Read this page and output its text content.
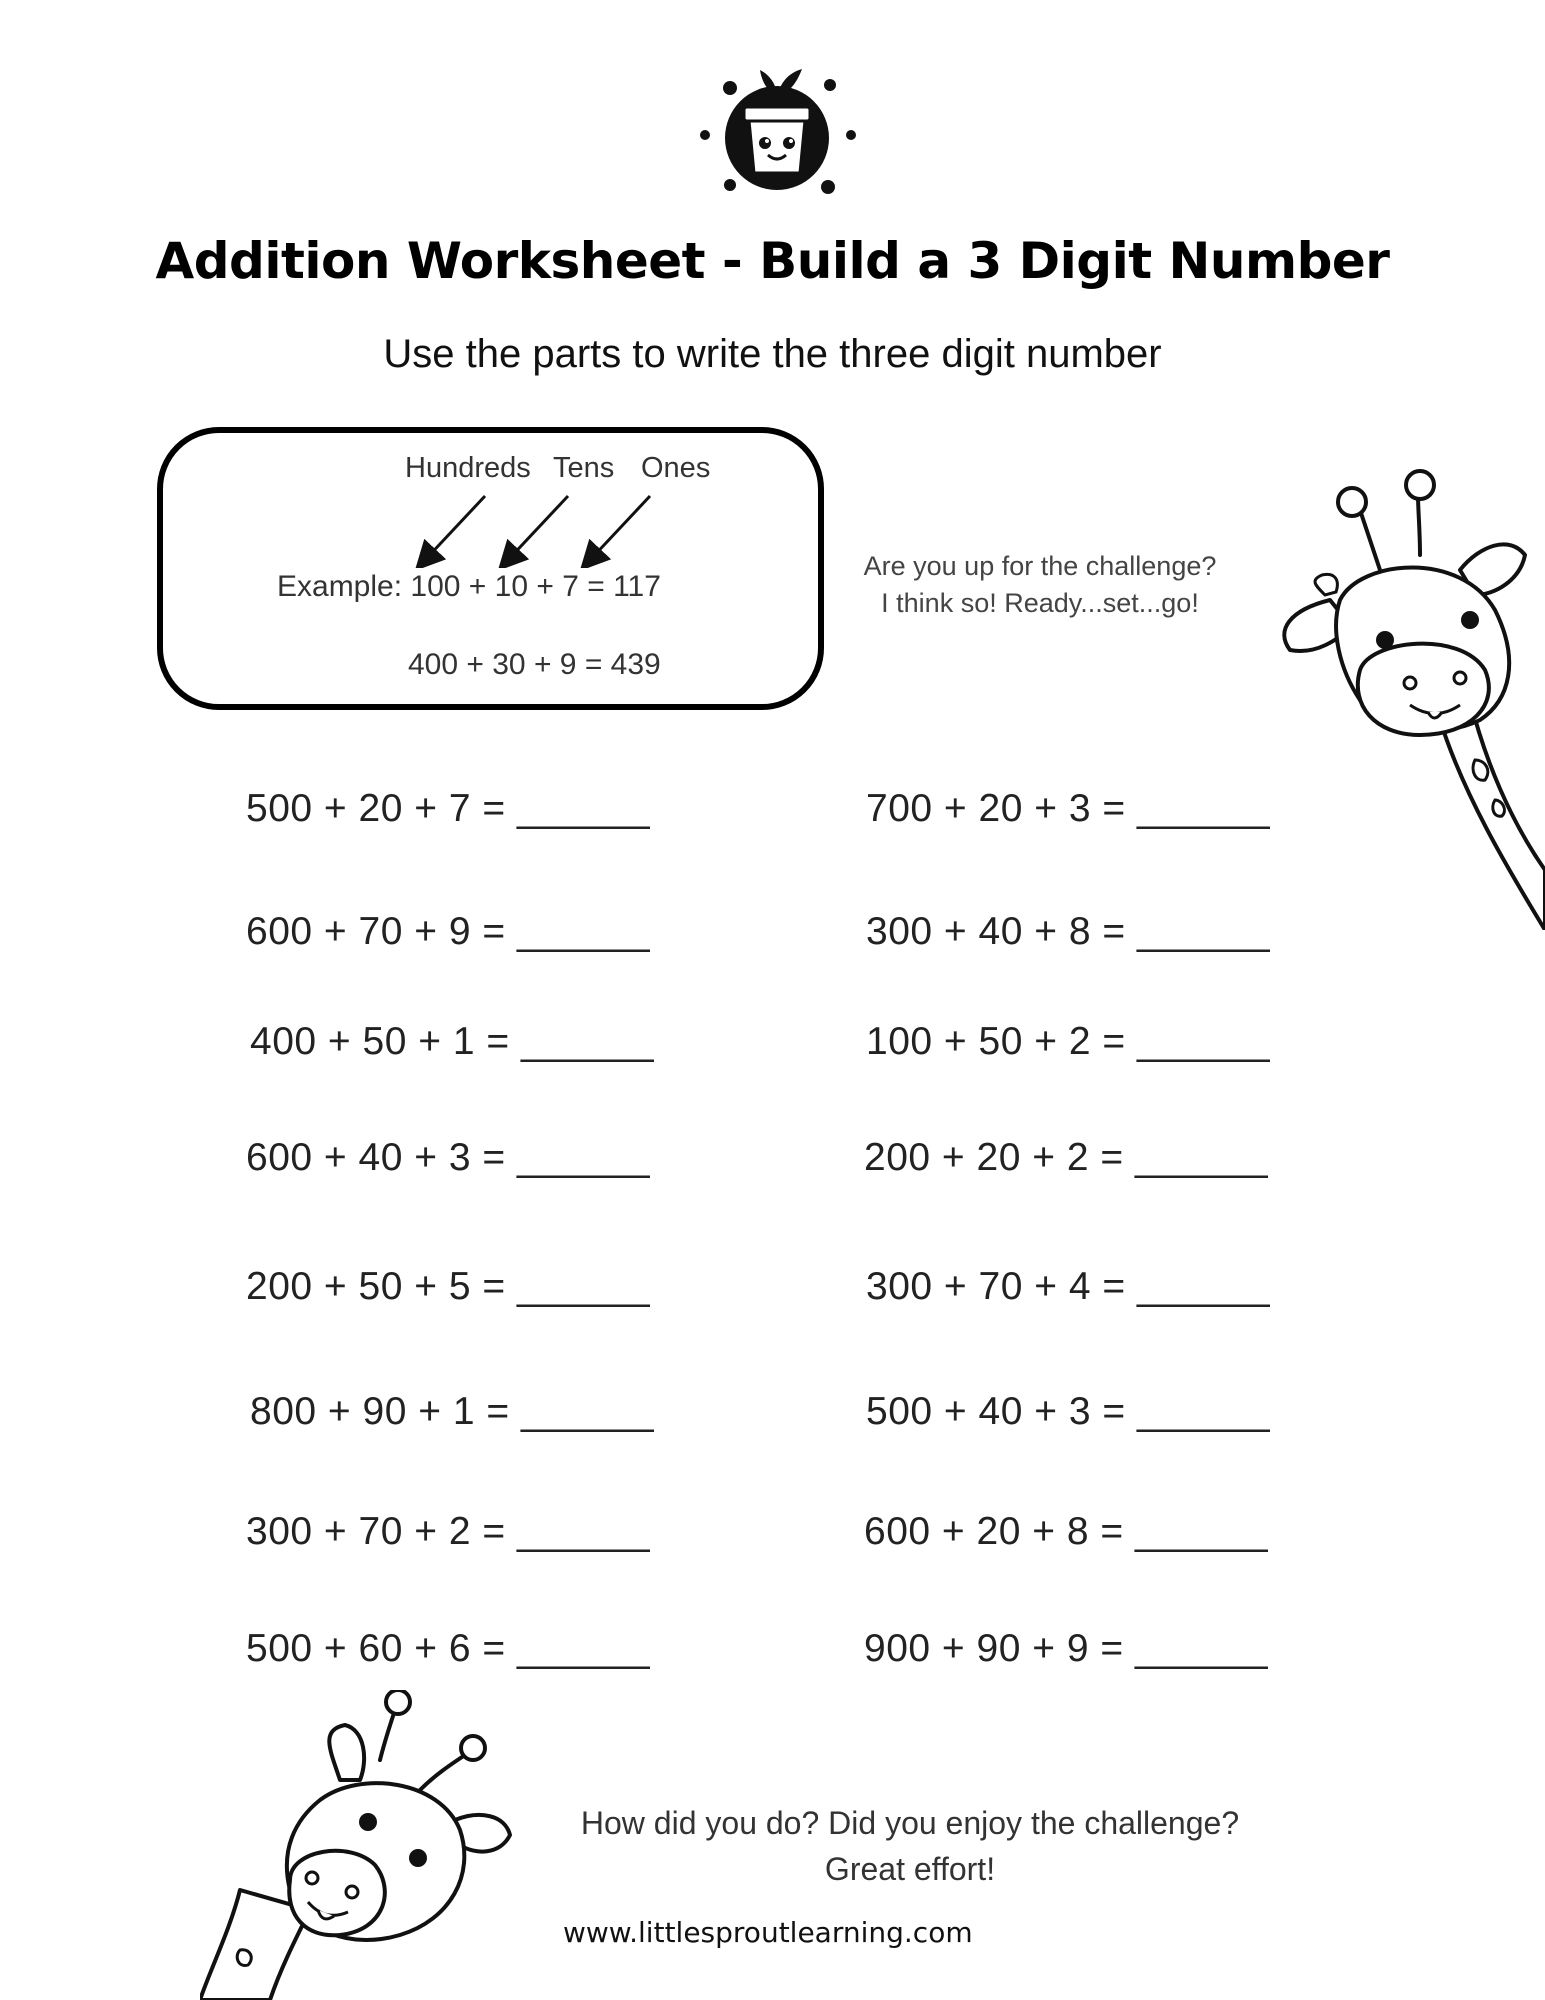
Addition Worksheet - Build a 3 Digit Number
Use the parts to write the three digit number
Hundreds Tens Ones
Example: 100 + 10 + 7 = 117
400 + 30 + 9 = 439
Are you up for the challenge?
I think so! Ready...set...go!
500 + 20 + 7 = ______
600 + 70 + 9 = ______
400 + 50 + 1 = ______
600 + 40 + 3 = ______
200 + 50 + 5 = ______
800 + 90 + 1 = ______
300 + 70 + 2 = ______
500 + 60 + 6 = ______
700 + 20 + 3 = ______
300 + 40 + 8 = ______
100 + 50 + 2 = ______
200 + 20 + 2 = ______
300 + 70 + 4 = ______
500 + 40 + 3 = ______
600 + 20 + 8 = ______
900 + 90 + 9 = ______
How did you do? Did you enjoy the challenge?
Great effort!
www.littlesproutlearning.com
